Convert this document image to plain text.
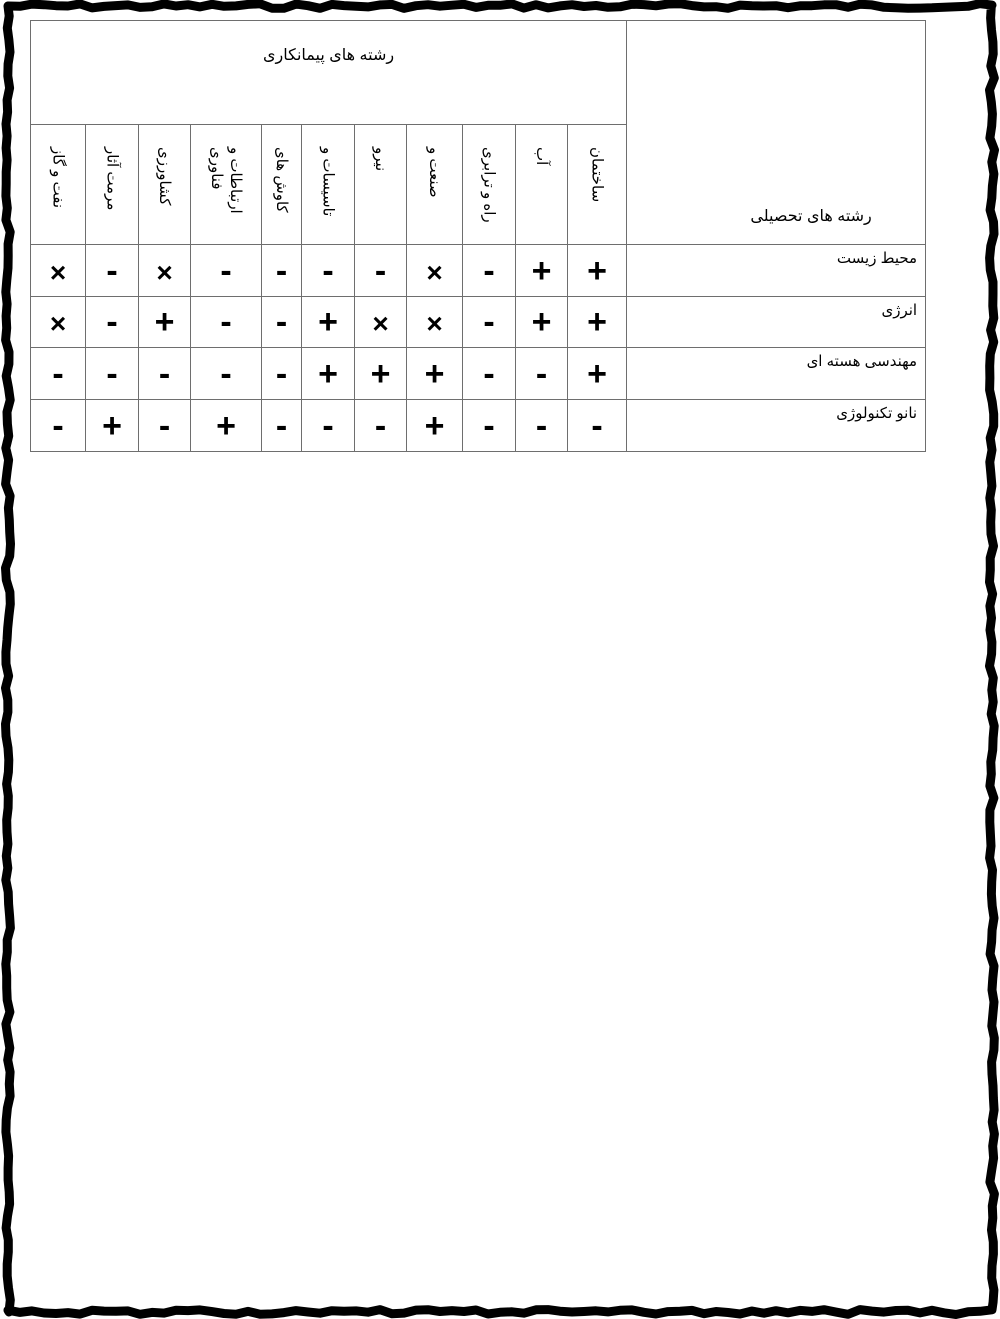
رشته های پیمانکاری											رشته های تحصیلی
نفت و گاز	مرمت آثار	کشاورزی	ارتباطات و فناوری	کاوش های	تاسیسات و	نیرو	صنعت و	راه و ترابری	آب	ساختمان	
×	-	×	-	-	-	-	×	-	+	+	محیط زیست
×	-	+	-	-	+	×	×	-	+	+	انرژی
-	-	-	-	-	+	+	+	-	-	+	مهندسی هسته ای
-	+	-	+	-	-	-	+	-	-	-	نانو تکنولوژی
